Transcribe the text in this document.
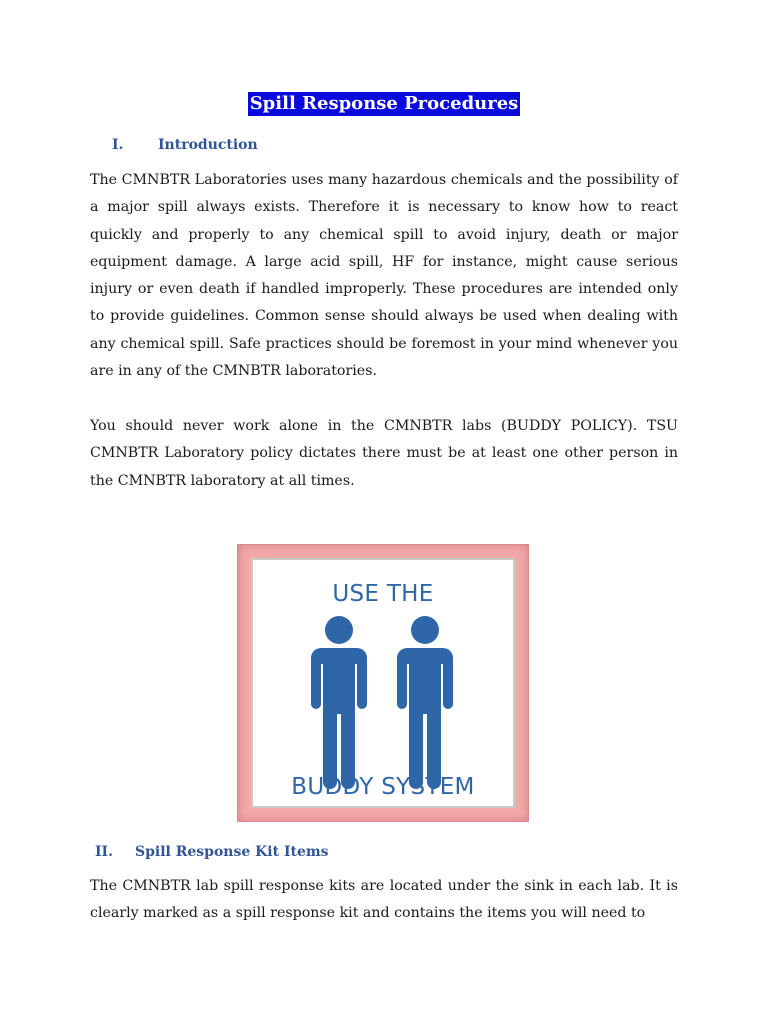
Spill Response Procedures
I. Introduction

The CMNBTR Laboratories uses many hazardous chemicals and the possibility of a major spill always exists. Therefore it is necessary to know how to react quickly and properly to any chemical spill to avoid injury, death or major equipment damage. A large acid spill, HF for instance, might cause serious injury or even death if handled improperly. These procedures are intended only to provide guidelines. Common sense should always be used when dealing with any chemical spill. Safe practices should be foremost in your mind whenever you are in any of the CMNBTR laboratories.

You should never work alone in the CMNBTR labs (BUDDY POLICY). TSU CMNBTR Laboratory policy dictates there must be at least one other person in the CMNBTR laboratory at all times.

USE THE
BUDDY SYSTEM
II. Spill Response Kit Items

The CMNBTR lab spill response kits are located under the sink in each lab. It is clearly marked as a spill response kit and contains the items you will need to
